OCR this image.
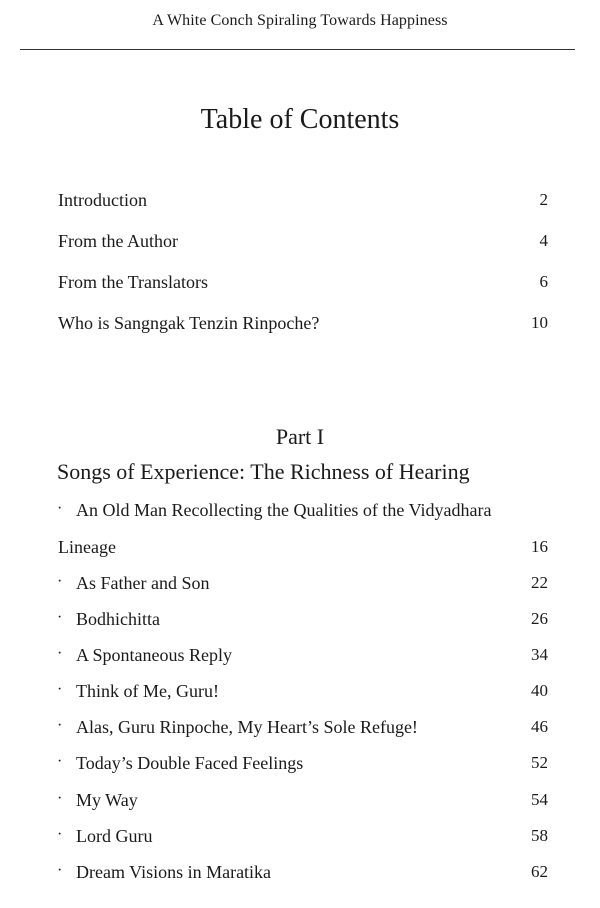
A White Conch Spiraling Towards Happiness
Table of Contents
Introduction	2
From the Author	4
From the Translators	6
Who is Sangngak Tenzin Rinpoche?	10
Part I
Songs of Experience: The Richness of Hearing
· An Old Man Recollecting the Qualities of the Vidyadhara
Lineage	16
· As Father and Son	22
· Bodhichitta	26
· A Spontaneous Reply	34
· Think of Me, Guru!	40
· Alas, Guru Rinpoche, My Heart’s Sole Refuge!	46
· Today’s Double Faced Feelings	52
· My Way	54
· Lord Guru	58
· Dream Visions in Maratika	62
